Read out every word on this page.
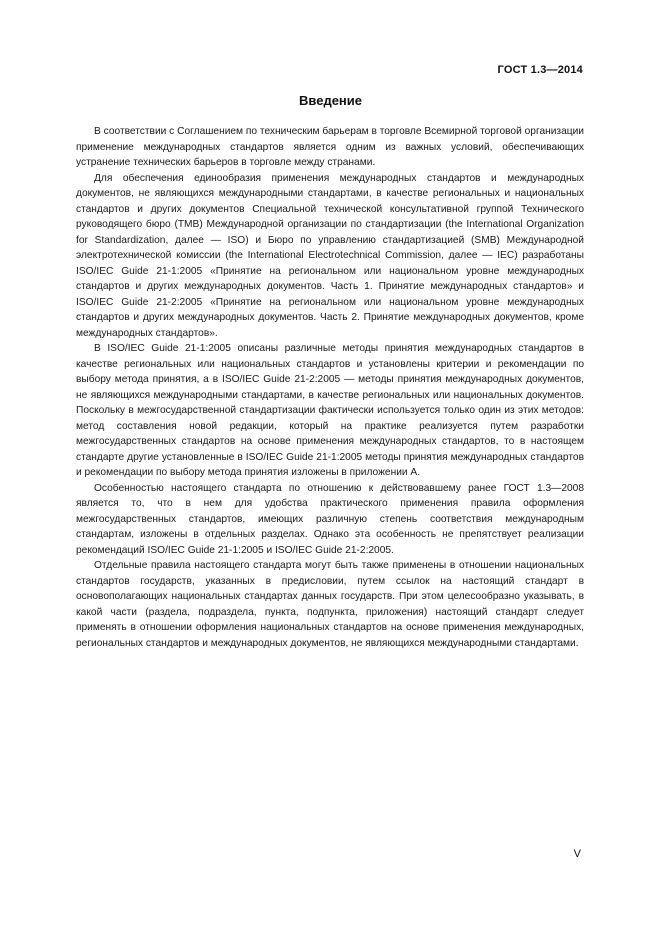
ГОСТ 1.3—2014
Введение

В соответствии с Соглашением по техническим барьерам в торговле Всемирной торговой организации применение международных стандартов является одним из важных условий, обеспечивающих устранение технических барьеров в торговле между странами.

Для обеспечения единообразия применения международных стандартов и международных документов, не являющихся международными стандартами, в качестве региональных и национальных стандартов и других документов Специальной технической консультативной группой Технического руководящего бюро (ТМВ) Международной организации по стандартизации (the International Organization for Standardization, далее — ISO) и Бюро по управлению стандартизацией (SMB) Международной электротехнической комиссии (the International Electrotechnical Commission, далее — IEC) разработаны ISO/IEC Guide 21-1:2005 «Принятие на региональном или национальном уровне международных стандартов и других международных документов. Часть 1. Принятие международных стандартов» и ISO/IEC Guide 21-2:2005 «Принятие на региональном или национальном уровне международных стандартов и других международных документов. Часть 2. Принятие международных документов, кроме международных стандартов».

В ISO/IEC Guide 21-1:2005 описаны различные методы принятия международных стандартов в качестве региональных или национальных стандартов и установлены критерии и рекомендации по выбору метода принятия, а в ISO/IEC Guide 21-2:2005 — методы принятия международных документов, не являющихся международными стандартами, в качестве региональных или национальных документов. Поскольку в межгосударственной стандартизации фактически используется только один из этих методов: метод составления новой редакции, который на практике реализуется путем разработки межгосударственных стандартов на основе применения международных стандартов, то в настоящем стандарте другие установленные в ISO/IEC Guide 21-1:2005 методы принятия международных стандартов и рекомендации по выбору метода принятия изложены в приложении А.

Особенностью настоящего стандарта по отношению к действовавшему ранее ГОСТ 1.3—2008 является то, что в нем для удобства практического применения правила оформления межгосударственных стандартов, имеющих различную степень соответствия международным стандартам, изложены в отдельных разделах. Однако эта особенность не препятствует реализации рекомендаций ISO/IEC Guide 21-1:2005 и ISO/IEC Guide 21-2:2005.

Отдельные правила настоящего стандарта могут быть также применены в отношении национальных стандартов государств, указанных в предисловии, путем ссылок на настоящий стандарт в основополагающих национальных стандартах данных государств. При этом целесообразно указывать, в какой части (раздела, подраздела, пункта, подпункта, приложения) настоящий стандарт следует применять в отношении оформления национальных стандартов на основе применения международных, региональных стандартов и международных документов, не являющихся международными стандартами.

V
